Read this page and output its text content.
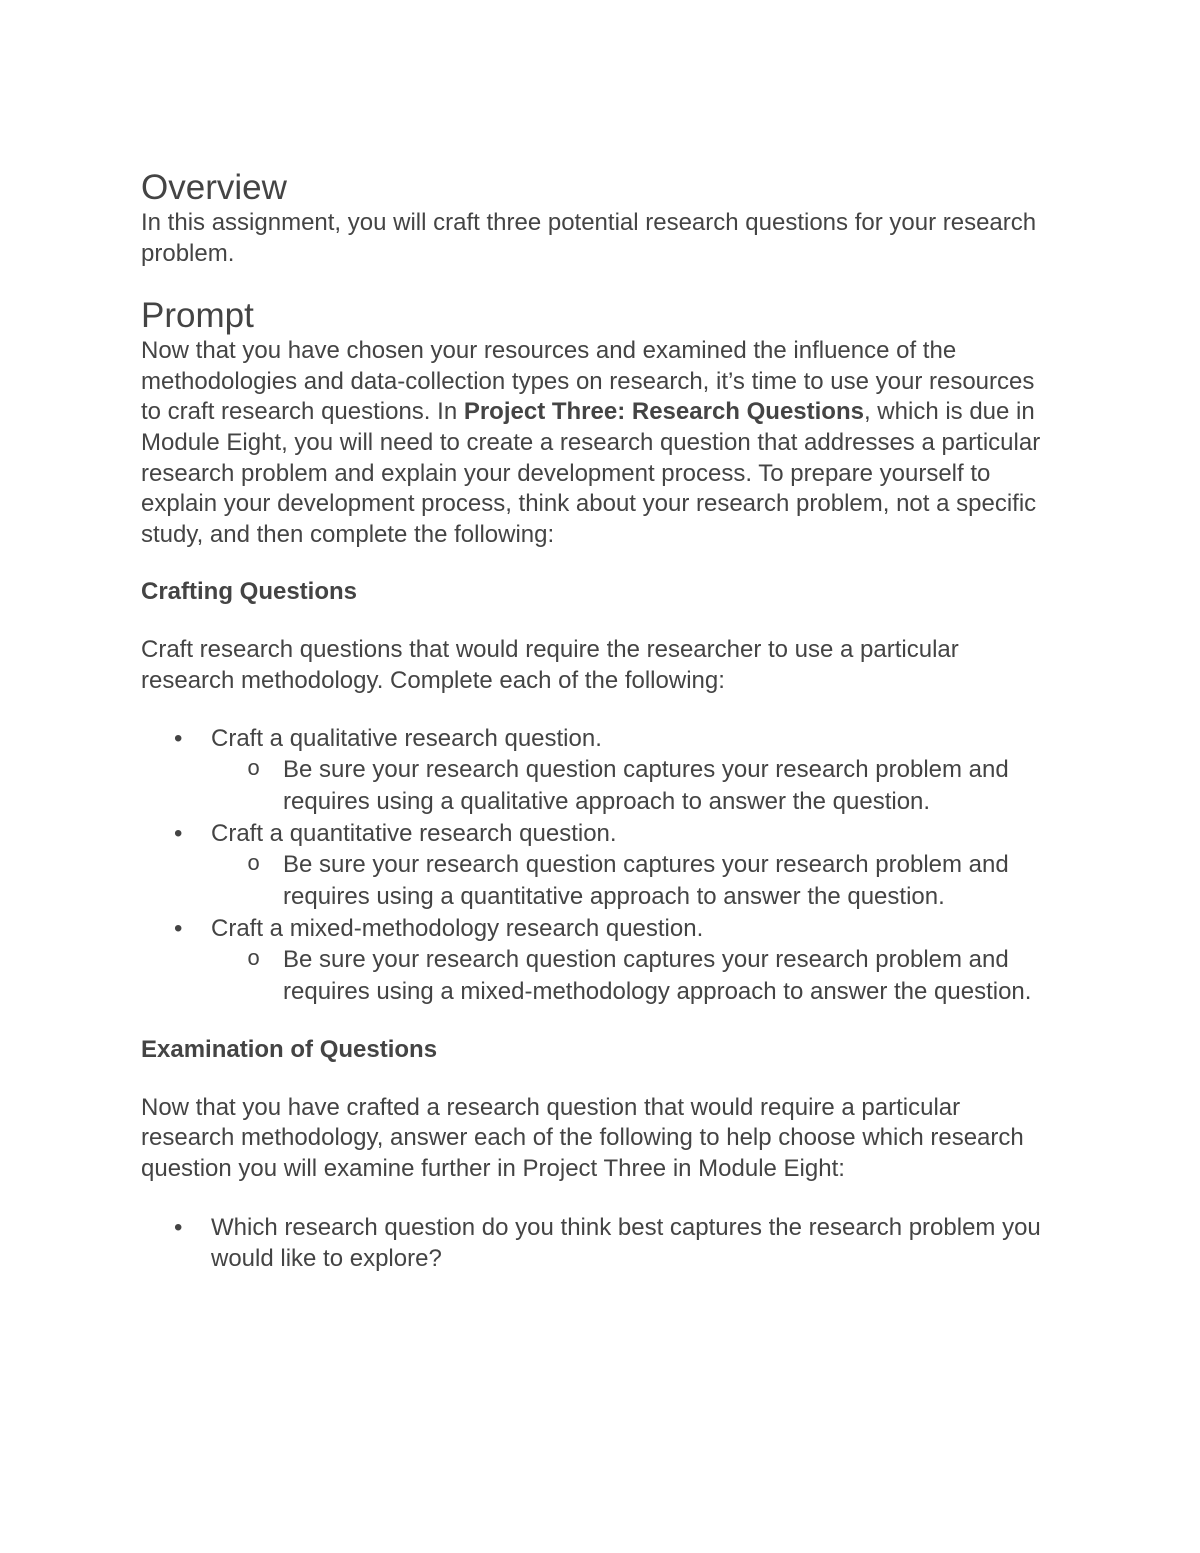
Overview

In this assignment, you will craft three potential research questions for your research problem.

Prompt

Now that you have chosen your resources and examined the influence of the methodologies and data-collection types on research, it’s time to use your resources to craft research questions. In Project Three: Research Questions, which is due in Module Eight, you will need to create a research question that addresses a particular research problem and explain your development process. To prepare yourself to explain your development process, think about your research problem, not a specific study, and then complete the following:

Crafting Questions

Craft research questions that would require the researcher to use a particular research methodology. Complete each of the following:

• Craft a qualitative research question.
o Be sure your research question captures your research problem and requires using a qualitative approach to answer the question.
• Craft a quantitative research question.
o Be sure your research question captures your research problem and requires using a quantitative approach to answer the question.
• Craft a mixed-methodology research question.
o Be sure your research question captures your research problem and requires using a mixed-methodology approach to answer the question.
Examination of Questions

Now that you have crafted a research question that would require a particular research methodology, answer each of the following to help choose which research question you will examine further in Project Three in Module Eight:

• Which research question do you think best captures the research problem you would like to explore?
